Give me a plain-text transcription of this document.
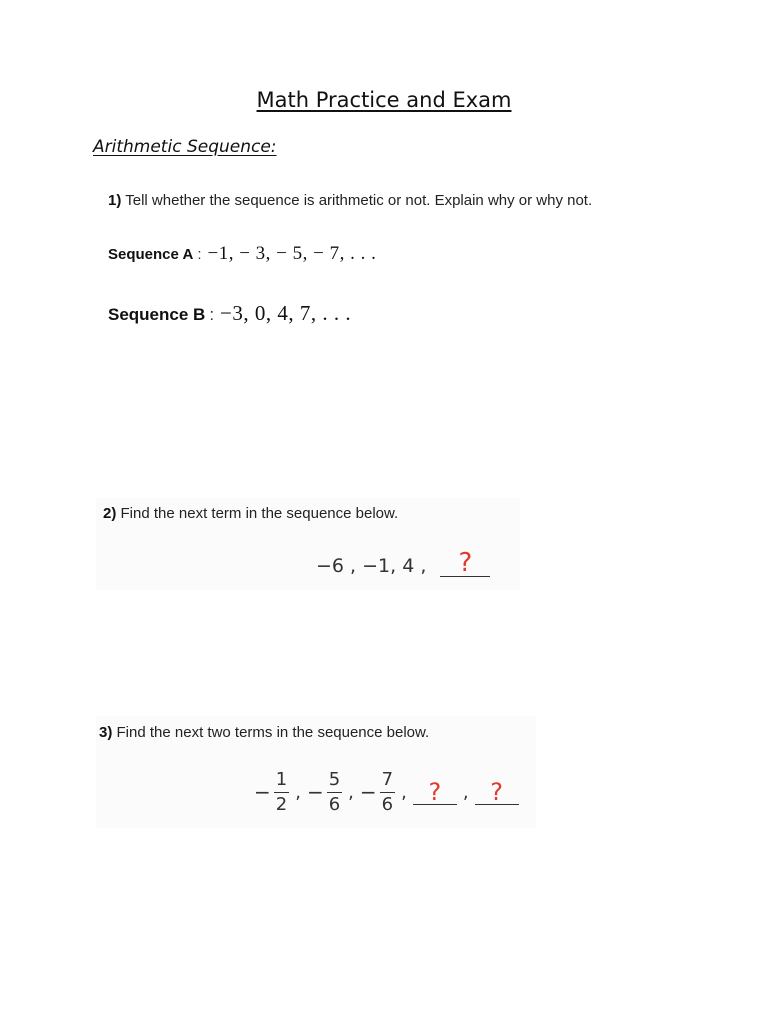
Math Practice and Exam
Arithmetic Sequence:
1) Tell whether the sequence is arithmetic or not. Explain why or why not.
Sequence A : −1, − 3, − 5, − 7, . . .
Sequence B : −3, 0, 4, 7, . . .
2) Find the next term in the sequence below.
−6 , −1, 4 ,	?
3) Find the next two terms in the sequence below.
− $\frac{1}{2}$ , − $\frac{5}{6}$ , − $\frac{7}{6}$ , ?	, ?
